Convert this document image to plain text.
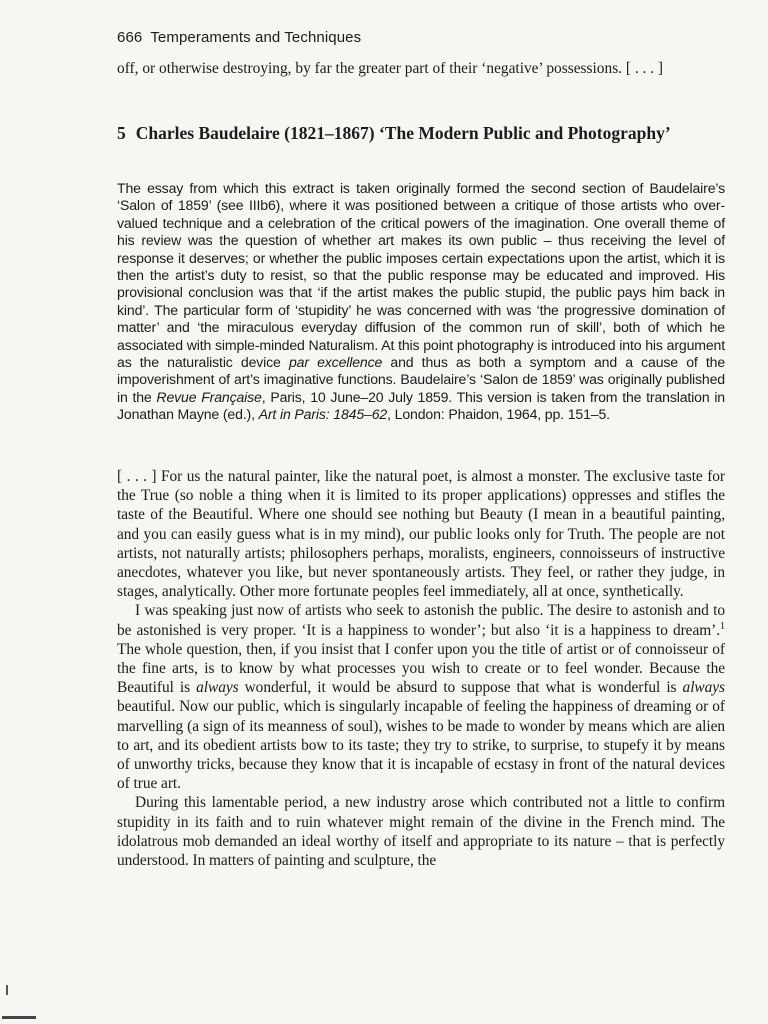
666 Temperaments and Techniques
off, or otherwise destroying, by far the greater part of their ‘negative’ possessions. [ . . . ]
5 Charles Baudelaire (1821–1867) ‘The Modern Public and Photography’
The essay from which this extract is taken originally formed the second section of Baudelaire’s ‘Salon of 1859’ (see IIIb6), where it was positioned between a critique of those artists who over-valued technique and a celebration of the critical powers of the imagination. One overall theme of his review was the question of whether art makes its own public – thus receiving the level of response it deserves; or whether the public imposes certain expectations upon the artist, which it is then the artist’s duty to resist, so that the public response may be educated and improved. His provisional conclusion was that ‘if the artist makes the public stupid, the public pays him back in kind’. The particular form of ‘stupidity’ he was concerned with was ‘the progressive domination of matter’ and ‘the miraculous everyday diffusion of the common run of skill’, both of which he associated with simple-minded Naturalism. At this point photography is introduced into his argument as the naturalistic device par excellence and thus as both a symptom and a cause of the impoverishment of art’s imaginative functions. Baudelaire’s ‘Salon de 1859’ was originally published in the Revue Française, Paris, 10 June–20 July 1859. This version is taken from the translation in Jonathan Mayne (ed.), Art in Paris: 1845–62, London: Phaidon, 1964, pp. 151–5.

[ . . . ] For us the natural painter, like the natural poet, is almost a monster. The exclusive taste for the True (so noble a thing when it is limited to its proper applications) oppresses and stifles the taste of the Beautiful. Where one should see nothing but Beauty (I mean in a beautiful painting, and you can easily guess what is in my mind), our public looks only for Truth. The people are not artists, not naturally artists; philosophers perhaps, moralists, engineers, connoisseurs of instructive anecdotes, whatever you like, but never spontaneously artists. They feel, or rather they judge, in stages, analytically. Other more fortunate peoples feel immediately, all at once, synthetically.

I was speaking just now of artists who seek to astonish the public. The desire to astonish and to be astonished is very proper. ‘It is a happiness to wonder’; but also ‘it is a happiness to dream’.$^1$ The whole question, then, if you insist that I confer upon you the title of artist or of connoisseur of the fine arts, is to know by what processes you wish to create or to feel wonder. Because the Beautiful is always wonderful, it would be absurd to suppose that what is wonderful is always beautiful. Now our public, which is singularly incapable of feeling the happiness of dreaming or of marvelling (a sign of its meanness of soul), wishes to be made to wonder by means which are alien to art, and its obedient artists bow to its taste; they try to strike, to surprise, to stupefy it by means of unworthy tricks, because they know that it is incapable of ecstasy in front of the natural devices of true art.

During this lamentable period, a new industry arose which contributed not a little to confirm stupidity in its faith and to ruin whatever might remain of the divine in the French mind. The idolatrous mob demanded an ideal worthy of itself and appropriate to its nature – that is perfectly understood. In matters of painting and sculpture, the
